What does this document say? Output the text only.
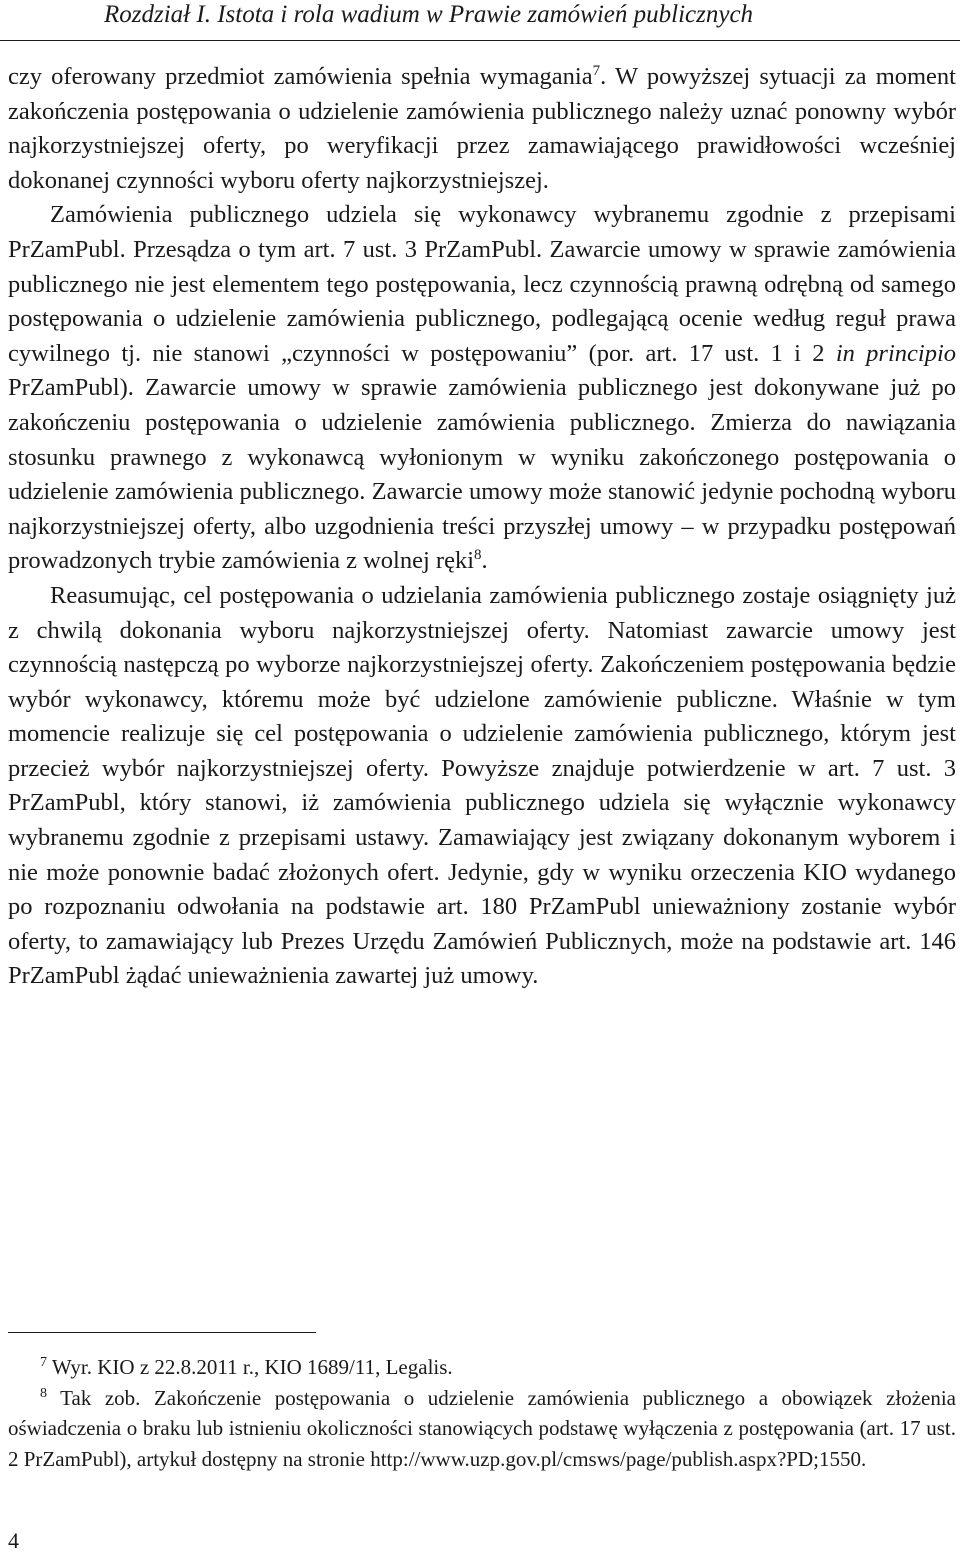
Rozdział I. Istota i rola wadium w Prawie zamówień publicznych

czy oferowany przedmiot zamówienia spełnia wymagania$^7$. W powyższej sytuacji za moment zakończenia postępowania o udzielenie zamówienia publicznego należy uznać ponowny wybór najkorzystniejszej oferty, po weryfikacji przez zamawiającego prawidłowości wcześniej dokonanej czynności wyboru oferty najkorzystniejszej.

Zamówienia publicznego udziela się wykonawcy wybranemu zgodnie z przepisami PrZamPubl. Przesądza o tym art. 7 ust. 3 PrZamPubl. Zawarcie umowy w sprawie zamówienia publicznego nie jest elementem tego postępowania, lecz czynnością prawną odrębną od samego postępowania o udzielenie zamówienia publicznego, podlegającą ocenie według reguł prawa cywilnego tj. nie stanowi „czynności w postępowaniu” (por. art. 17 ust. 1 i 2 in principio PrZamPubl). Zawarcie umowy w sprawie zamówienia publicznego jest dokonywane już po zakończeniu postępowania o udzielenie zamówienia publicznego. Zmierza do nawiązania stosunku prawnego z wykonawcą wyłonionym w wyniku zakończonego postępowania o udzielenie zamówienia publicznego. Zawarcie umowy może stanowić jedynie pochodną wyboru najkorzystniejszej oferty, albo uzgodnienia treści przyszłej umowy – w przypadku postępowań prowadzonych trybie zamówienia z wolnej ręki$^8$.

Reasumując, cel postępowania o udzielania zamówienia publicznego zostaje osiągnięty już z chwilą dokonania wyboru najkorzystniejszej oferty. Natomiast zawarcie umowy jest czynnością następczą po wyborze najkorzystniejszej oferty. Zakończeniem postępowania będzie wybór wykonawcy, któremu może być udzielone zamówienie publiczne. Właśnie w tym momencie realizuje się cel postępowania o udzielenie zamówienia publicznego, którym jest przecież wybór najkorzystniejszej oferty. Powyższe znajduje potwierdzenie w art. 7 ust. 3 PrZamPubl, który stanowi, iż zamówienia publicznego udziela się wyłącznie wykonawcy wybranemu zgodnie z przepisami ustawy. Zamawiający jest związany dokonanym wyborem i nie może ponownie badać złożonych ofert. Jedynie, gdy w wyniku orzeczenia KIO wydanego po rozpoznaniu odwołania na podstawie art. 180 PrZamPubl unieważniony zostanie wybór oferty, to zamawiający lub Prezes Urzędu Zamówień Publicznych, może na podstawie art. 146 PrZamPubl żądać unieważnienia zawartej już umowy.

$^7$ Wyr. KIO z 22.8.2011 r., KIO 1689/11, Legalis.

$^8$ Tak zob. Zakończenie postępowania o udzielenie zamówienia publicznego a obowiązek złożenia oświadczenia o braku lub istnieniu okoliczności stanowiących podstawę wyłączenia z postępowania (art. 17 ust. 2 PrZamPubl), artykuł dostępny na stronie http://www.uzp.gov.pl/cmsws/page/publish.aspx?PD;1550.

4
